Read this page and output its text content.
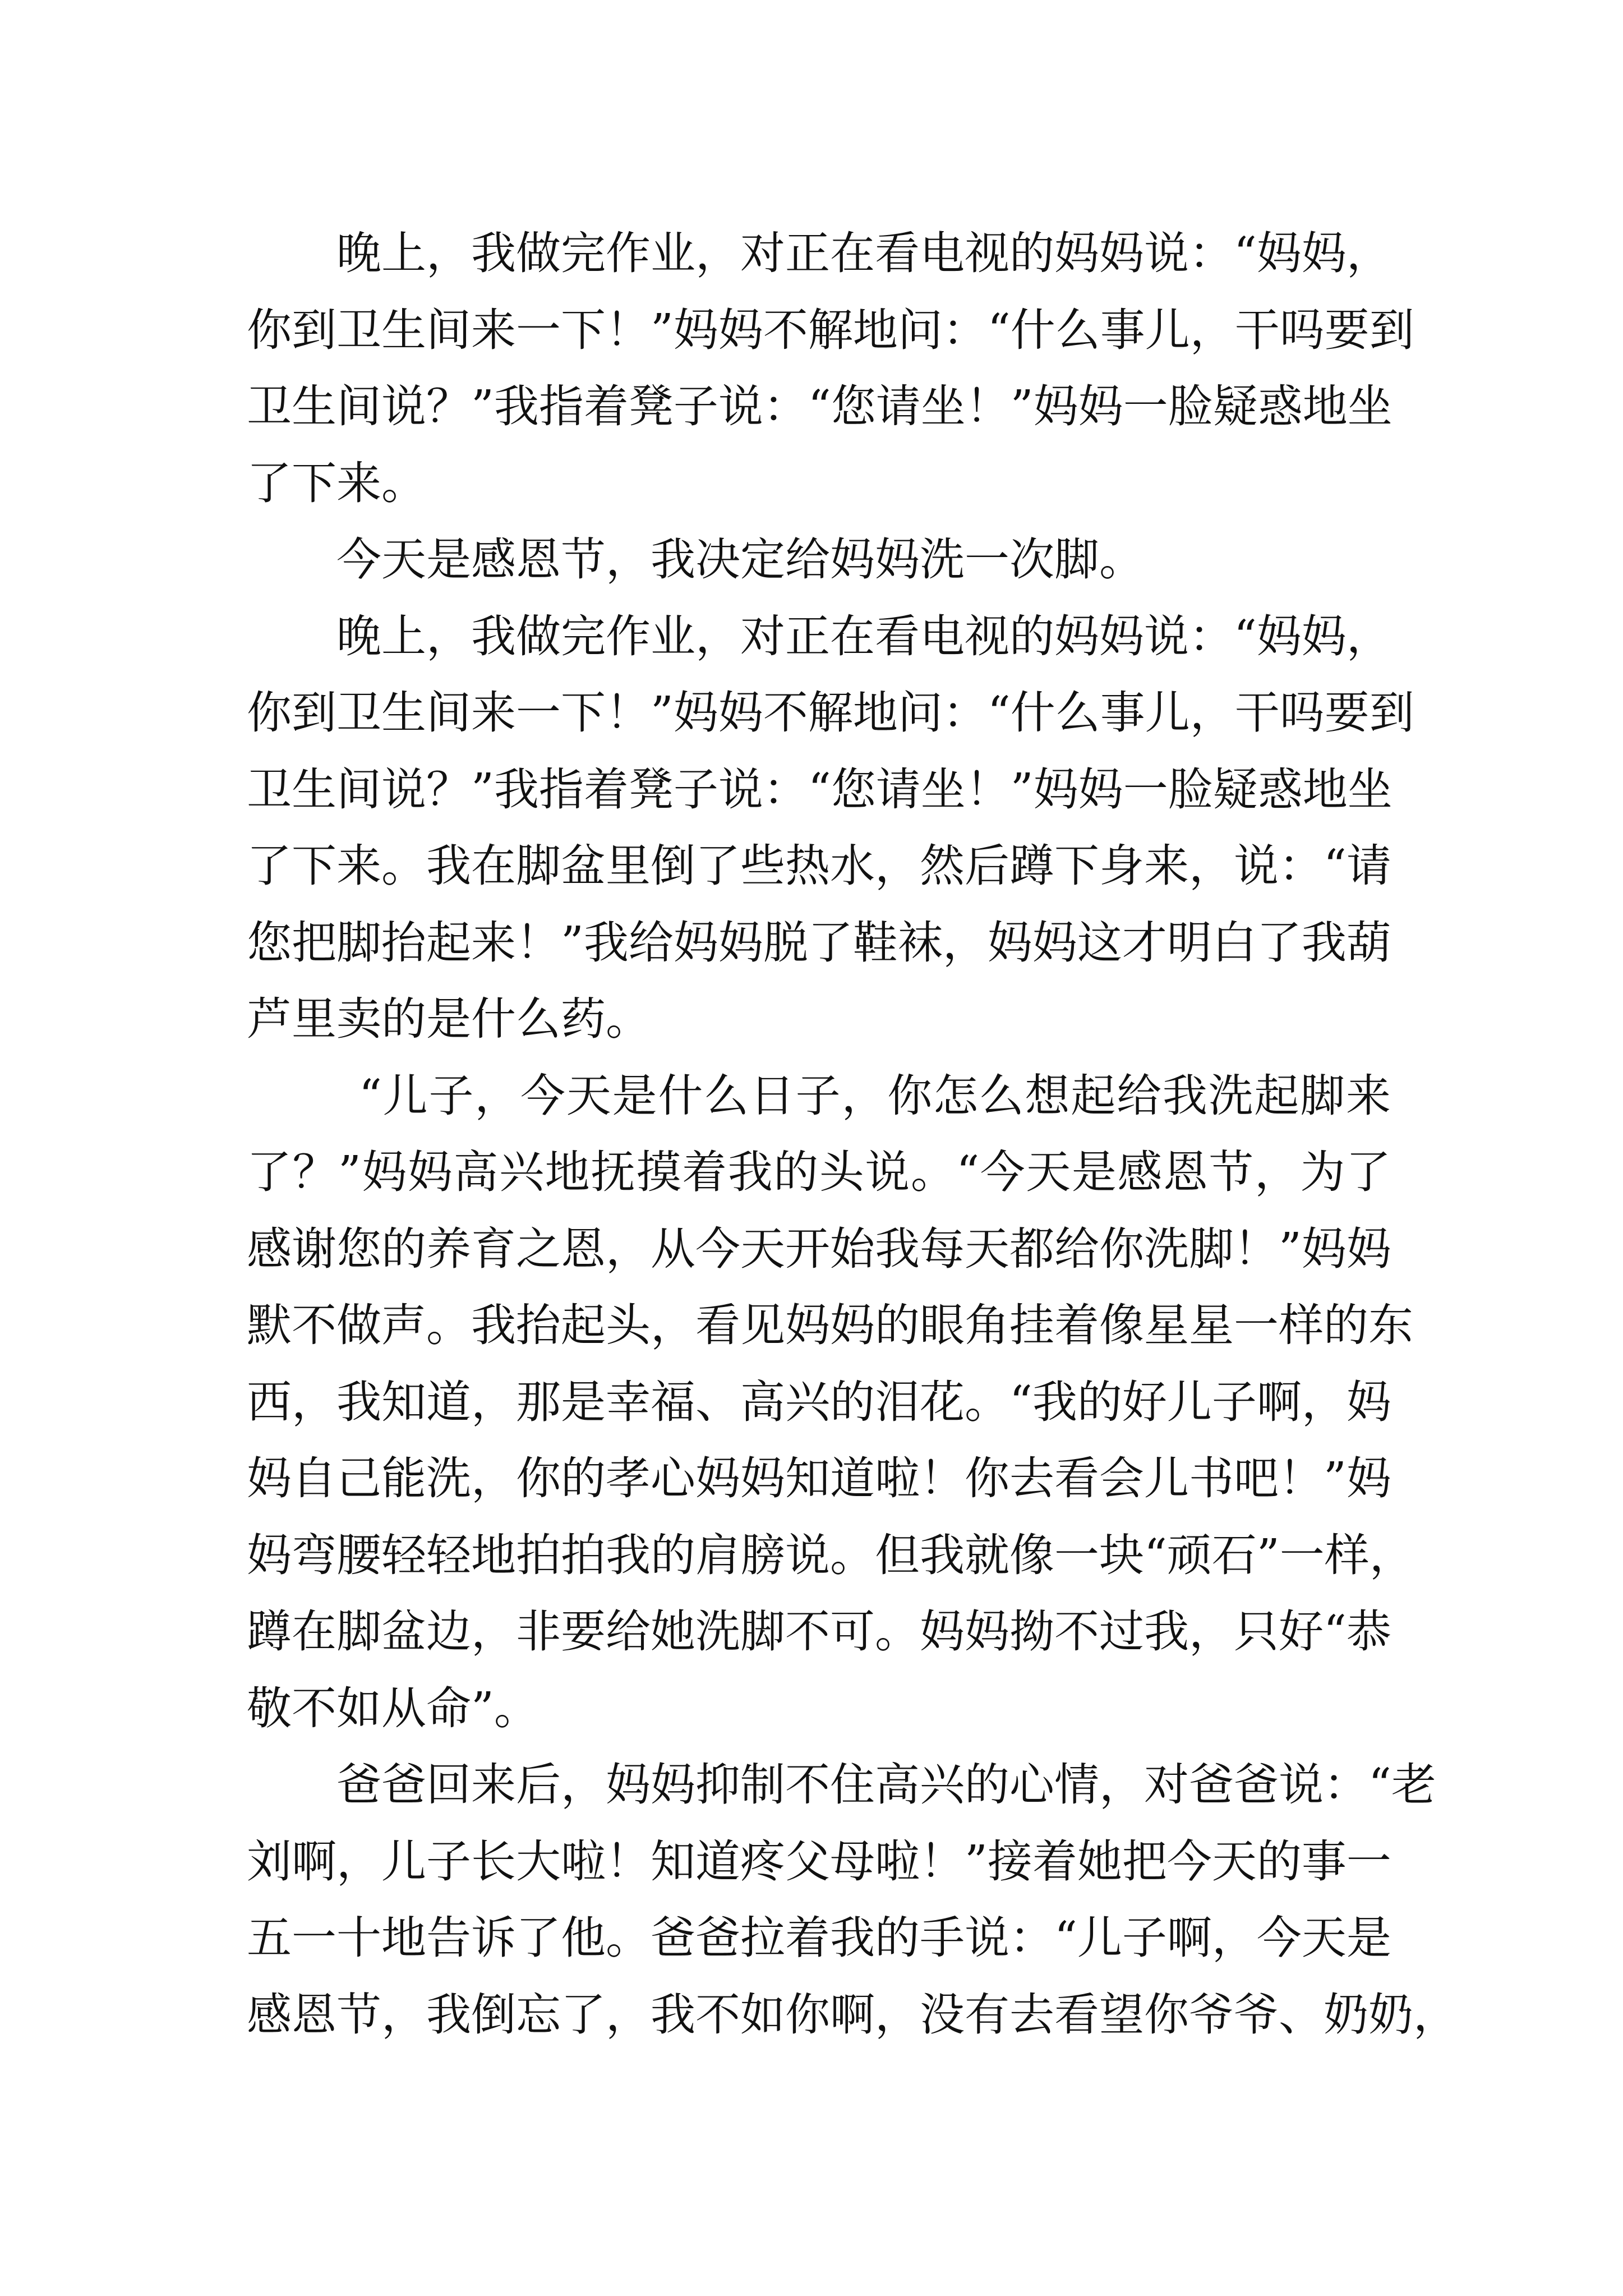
晚上，我做完作业，对正在看电视的妈妈说：“妈妈，
你到卫生间来一下！”妈妈不解地问：“什么事儿，干吗要到
卫生间说？”我指着凳子说：“您请坐！”妈妈一脸疑惑地坐
了下来。
今天是感恩节，我决定给妈妈洗一次脚。
晚上，我做完作业，对正在看电视的妈妈说：“妈妈，
你到卫生间来一下！”妈妈不解地问：“什么事儿，干吗要到
卫生间说？”我指着凳子说：“您请坐！”妈妈一脸疑惑地坐
了下来。我在脚盆里倒了些热水，然后蹲下身来，说：“请
您把脚抬起来！”我给妈妈脱了鞋袜，妈妈这才明白了我葫
芦里卖的是什么药。
“儿子，今天是什么日子，你怎么想起给我洗起脚来
了？”妈妈高兴地抚摸着我的头说。“今天是感恩节，为了
感谢您的养育之恩，从今天开始我每天都给你洗脚！”妈妈
默不做声。我抬起头，看见妈妈的眼角挂着像星星一样的东
西，我知道，那是幸福、高兴的泪花。“我的好儿子啊，妈
妈自己能洗，你的孝心妈妈知道啦！你去看会儿书吧！”妈
妈弯腰轻轻地拍拍我的肩膀说。但我就像一块“顽石”一样，
蹲在脚盆边，非要给她洗脚不可。妈妈拗不过我，只好“恭
敬不如从命”。
爸爸回来后，妈妈抑制不住高兴的心情，对爸爸说：“老
刘啊，儿子长大啦！知道疼父母啦！”接着她把今天的事一
五一十地告诉了他。爸爸拉着我的手说：“儿子啊，今天是
感恩节，我倒忘了，我不如你啊，没有去看望你爷爷、奶奶，
